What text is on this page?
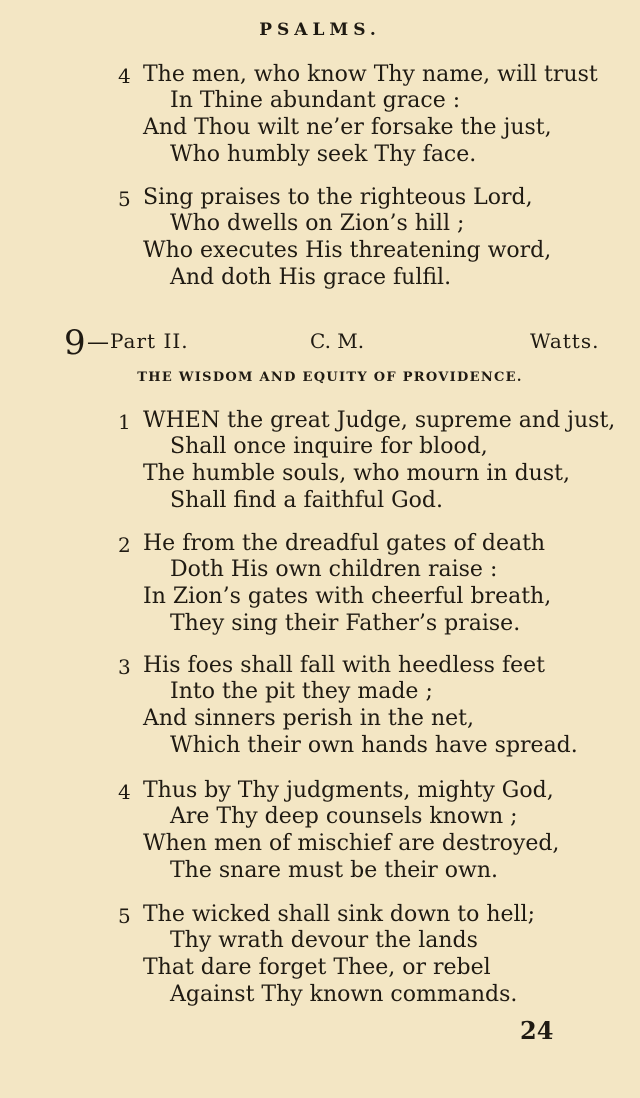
PSALMS.
4 The men, who know Thy name, will trust
In Thine abundant grace :
And Thou wilt ne’er forsake the just,
Who humbly seek Thy face.
5 Sing praises to the righteous Lord,
Who dwells on Zion’s hill ;
Who executes His threatening word,
And doth His grace fulfil.
9 — Part II.	C. M.	Watts.
THE WISDOM AND EQUITY OF PROVIDENCE.
1 WHEN the great Judge, supreme and just,
Shall once inquire for blood,
The humble souls, who mourn in dust,
Shall find a faithful God.
2 He from the dreadful gates of death
Doth His own children raise :
In Zion’s gates with cheerful breath,
They sing their Father’s praise.
3 His foes shall fall with heedless feet
Into the pit they made ;
And sinners perish in the net,
Which their own hands have spread.
4 Thus by Thy judgments, mighty God,
Are Thy deep counsels known ;
When men of mischief are destroyed,
The snare must be their own.
5 The wicked shall sink down to hell;
Thy wrath devour the lands
That dare forget Thee, or rebel
Against Thy known commands.
24
